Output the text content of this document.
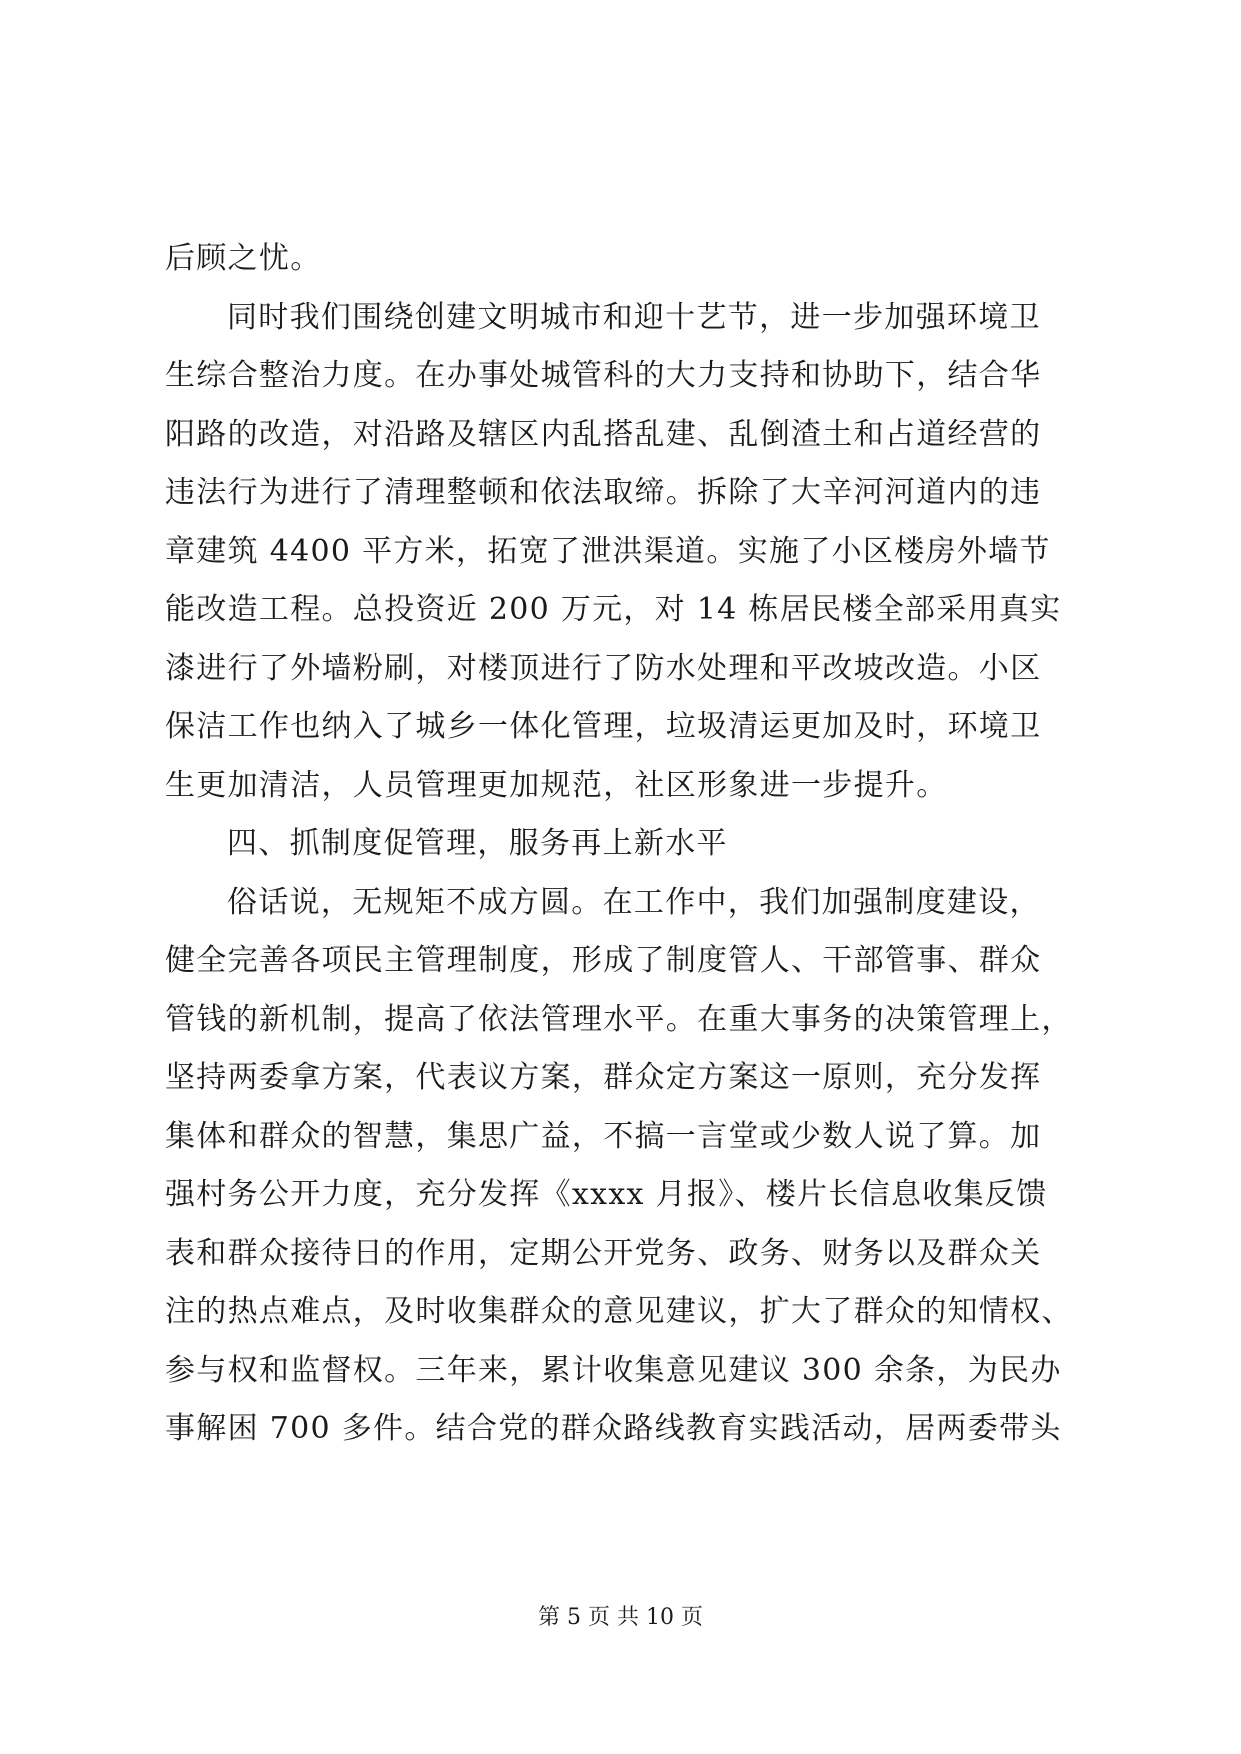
后顾之忧。
同时我们围绕创建文明城市和迎十艺节，进一步加强环境卫
生综合整治力度。在办事处城管科的大力支持和协助下，结合华
阳路的改造，对沿路及辖区内乱搭乱建、乱倒渣土和占道经营的
违法行为进行了清理整顿和依法取缔。拆除了大辛河河道内的违
章建筑 4400 平方米，拓宽了泄洪渠道。实施了小区楼房外墙节
能改造工程。总投资近 200 万元，对 14 栋居民楼全部采用真实
漆进行了外墙粉刷，对楼顶进行了防水处理和平改坡改造。小区
保洁工作也纳入了城乡一体化管理，垃圾清运更加及时，环境卫
生更加清洁，人员管理更加规范，社区形象进一步提升。
四、抓制度促管理，服务再上新水平
俗话说，无规矩不成方圆。在工作中，我们加强制度建设，
健全完善各项民主管理制度，形成了制度管人、干部管事、群众
管钱的新机制，提高了依法管理水平。在重大事务的决策管理上，
坚持两委拿方案，代表议方案，群众定方案这一原则，充分发挥
集体和群众的智慧，集思广益，不搞一言堂或少数人说了算。加
强村务公开力度，充分发挥《xxxx 月报》、楼片长信息收集反馈
表和群众接待日的作用，定期公开党务、政务、财务以及群众关
注的热点难点，及时收集群众的意见建议，扩大了群众的知情权、
参与权和监督权。三年来，累计收集意见建议 300 余条，为民办
事解困 700 多件。结合党的群众路线教育实践活动，居两委带头
第 5 页 共 10 页
